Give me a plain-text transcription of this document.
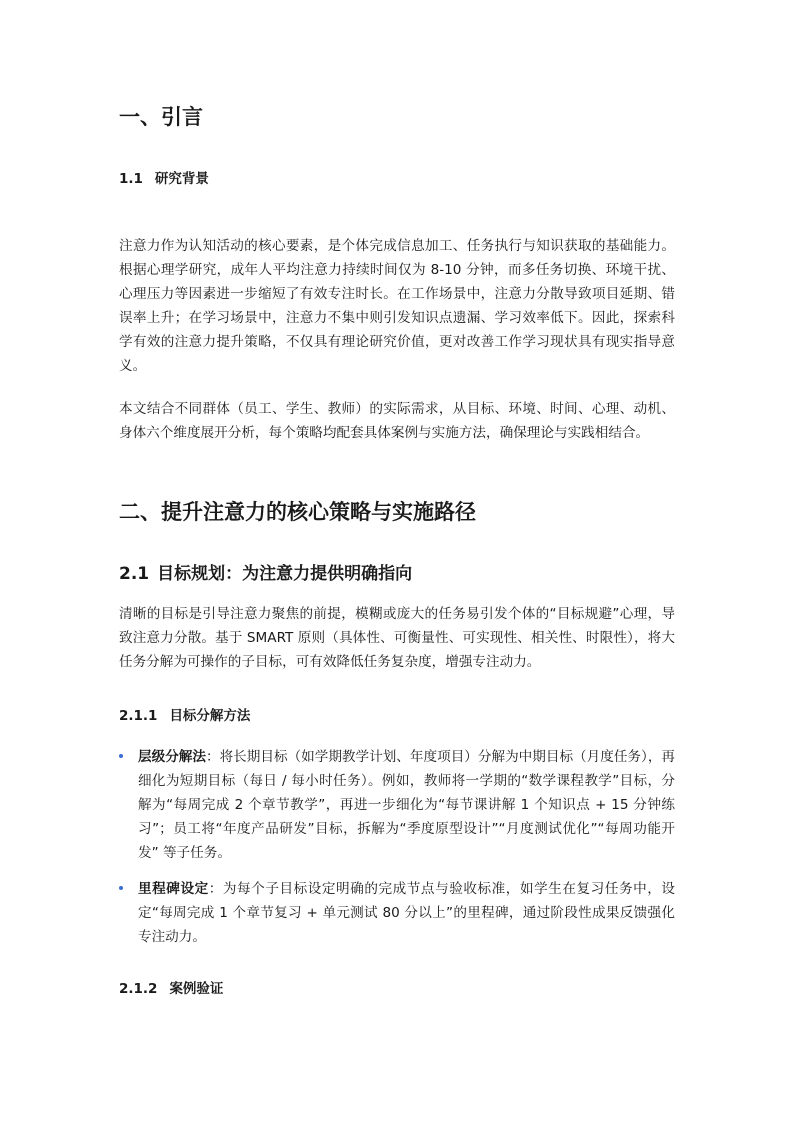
一、引言
1.1 研究背景

注意力作为认知活动的核心要素，是个体完成信息加工、任务执行与知识获取的基础能力。根据心理学研究，成年人平均注意力持续时间仅为 8-10 分钟，而多任务切换、环境干扰、心理压力等因素进一步缩短了有效专注时长。在工作场景中，注意力分散导致项目延期、错误率上升；在学习场景中，注意力不集中则引发知识点遗漏、学习效率低下。因此，探索科学有效的注意力提升策略，不仅具有理论研究价值，更对改善工作学习现状具有现实指导意义。

本文结合不同群体（员工、学生、教师）的实际需求，从目标、环境、时间、心理、动机、身体六个维度展开分析，每个策略均配套具体案例与实施方法，确保理论与实践相结合。

二、提升注意力的核心策略与实施路径
2.1 目标规划：为注意力提供明确指向

清晰的目标是引导注意力聚焦的前提，模糊或庞大的任务易引发个体的“目标规避”心理，导致注意力分散。基于 SMART 原则（具体性、可衡量性、可实现性、相关性、时限性），将大任务分解为可操作的子目标，可有效降低任务复杂度，增强专注动力。

2.1.1 目标分解方法
层级分解法：将长期目标（如学期教学计划、年度项目）分解为中期目标（月度任务），再细化为短期目标（每日 / 每小时任务）。例如，教师将一学期的“数学课程教学”目标，分解为“每周完成 2 个章节教学”，再进一步细化为“每节课讲解 1 个知识点 + 15 分钟练习”；员工将“年度产品研发”目标，拆解为“季度原型设计”“月度测试优化”“每周功能开发” 等子任务。
里程碑设定：为每个子目标设定明确的完成节点与验收标准，如学生在复习任务中，设定“每周完成 1 个章节复习 + 单元测试 80 分以上”的里程碑，通过阶段性成果反馈强化专注动力。
2.1.2 案例验证
